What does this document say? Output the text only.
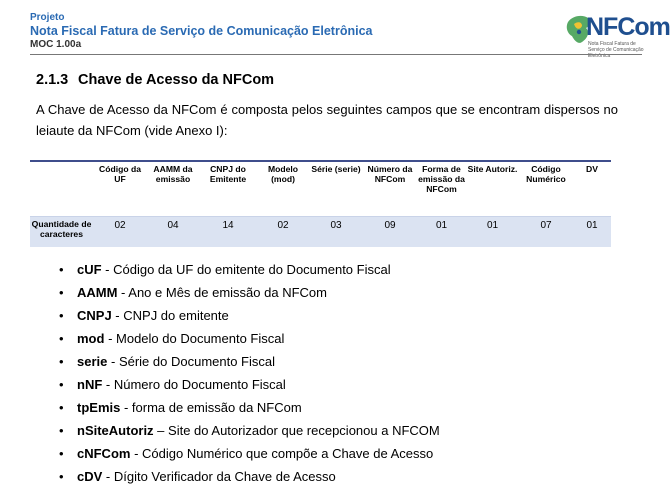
Projeto
Nota Fiscal Fatura de Serviço de Comunicação Eletrônica
MOC 1.00a
NFCom
Nota Fiscal Fatura de Serviço de Comunicação Eletrônica
2.1.3 Chave de Acesso da NFCom

A Chave de Acesso da NFCom é composta pelos seguintes campos que se encontram dispersos no leiaute da NFCom (vide Anexo I):

	Código da UF	AAMM da emissão	CNPJ do Emitente	Modelo (mod)	Série (serie)	Número da NFCom	Forma de emissão da NFCom	Site Autoriz.	Código Numérico	DV
Quantidade de caracteres	02	04	14	02	03	09	01	01	07	01
• cUF - Código da UF do emitente do Documento Fiscal
• AAMM - Ano e Mês de emissão da NFCom
• CNPJ - CNPJ do emitente
• mod - Modelo do Documento Fiscal
• serie - Série do Documento Fiscal
• nNF - Número do Documento Fiscal
• tpEmis - forma de emissão da NFCom
• nSiteAutoriz – Site do Autorizador que recepcionou a NFCOM
• cNFCom - Código Numérico que compõe a Chave de Acesso
• cDV - Dígito Verificador da Chave de Acesso
